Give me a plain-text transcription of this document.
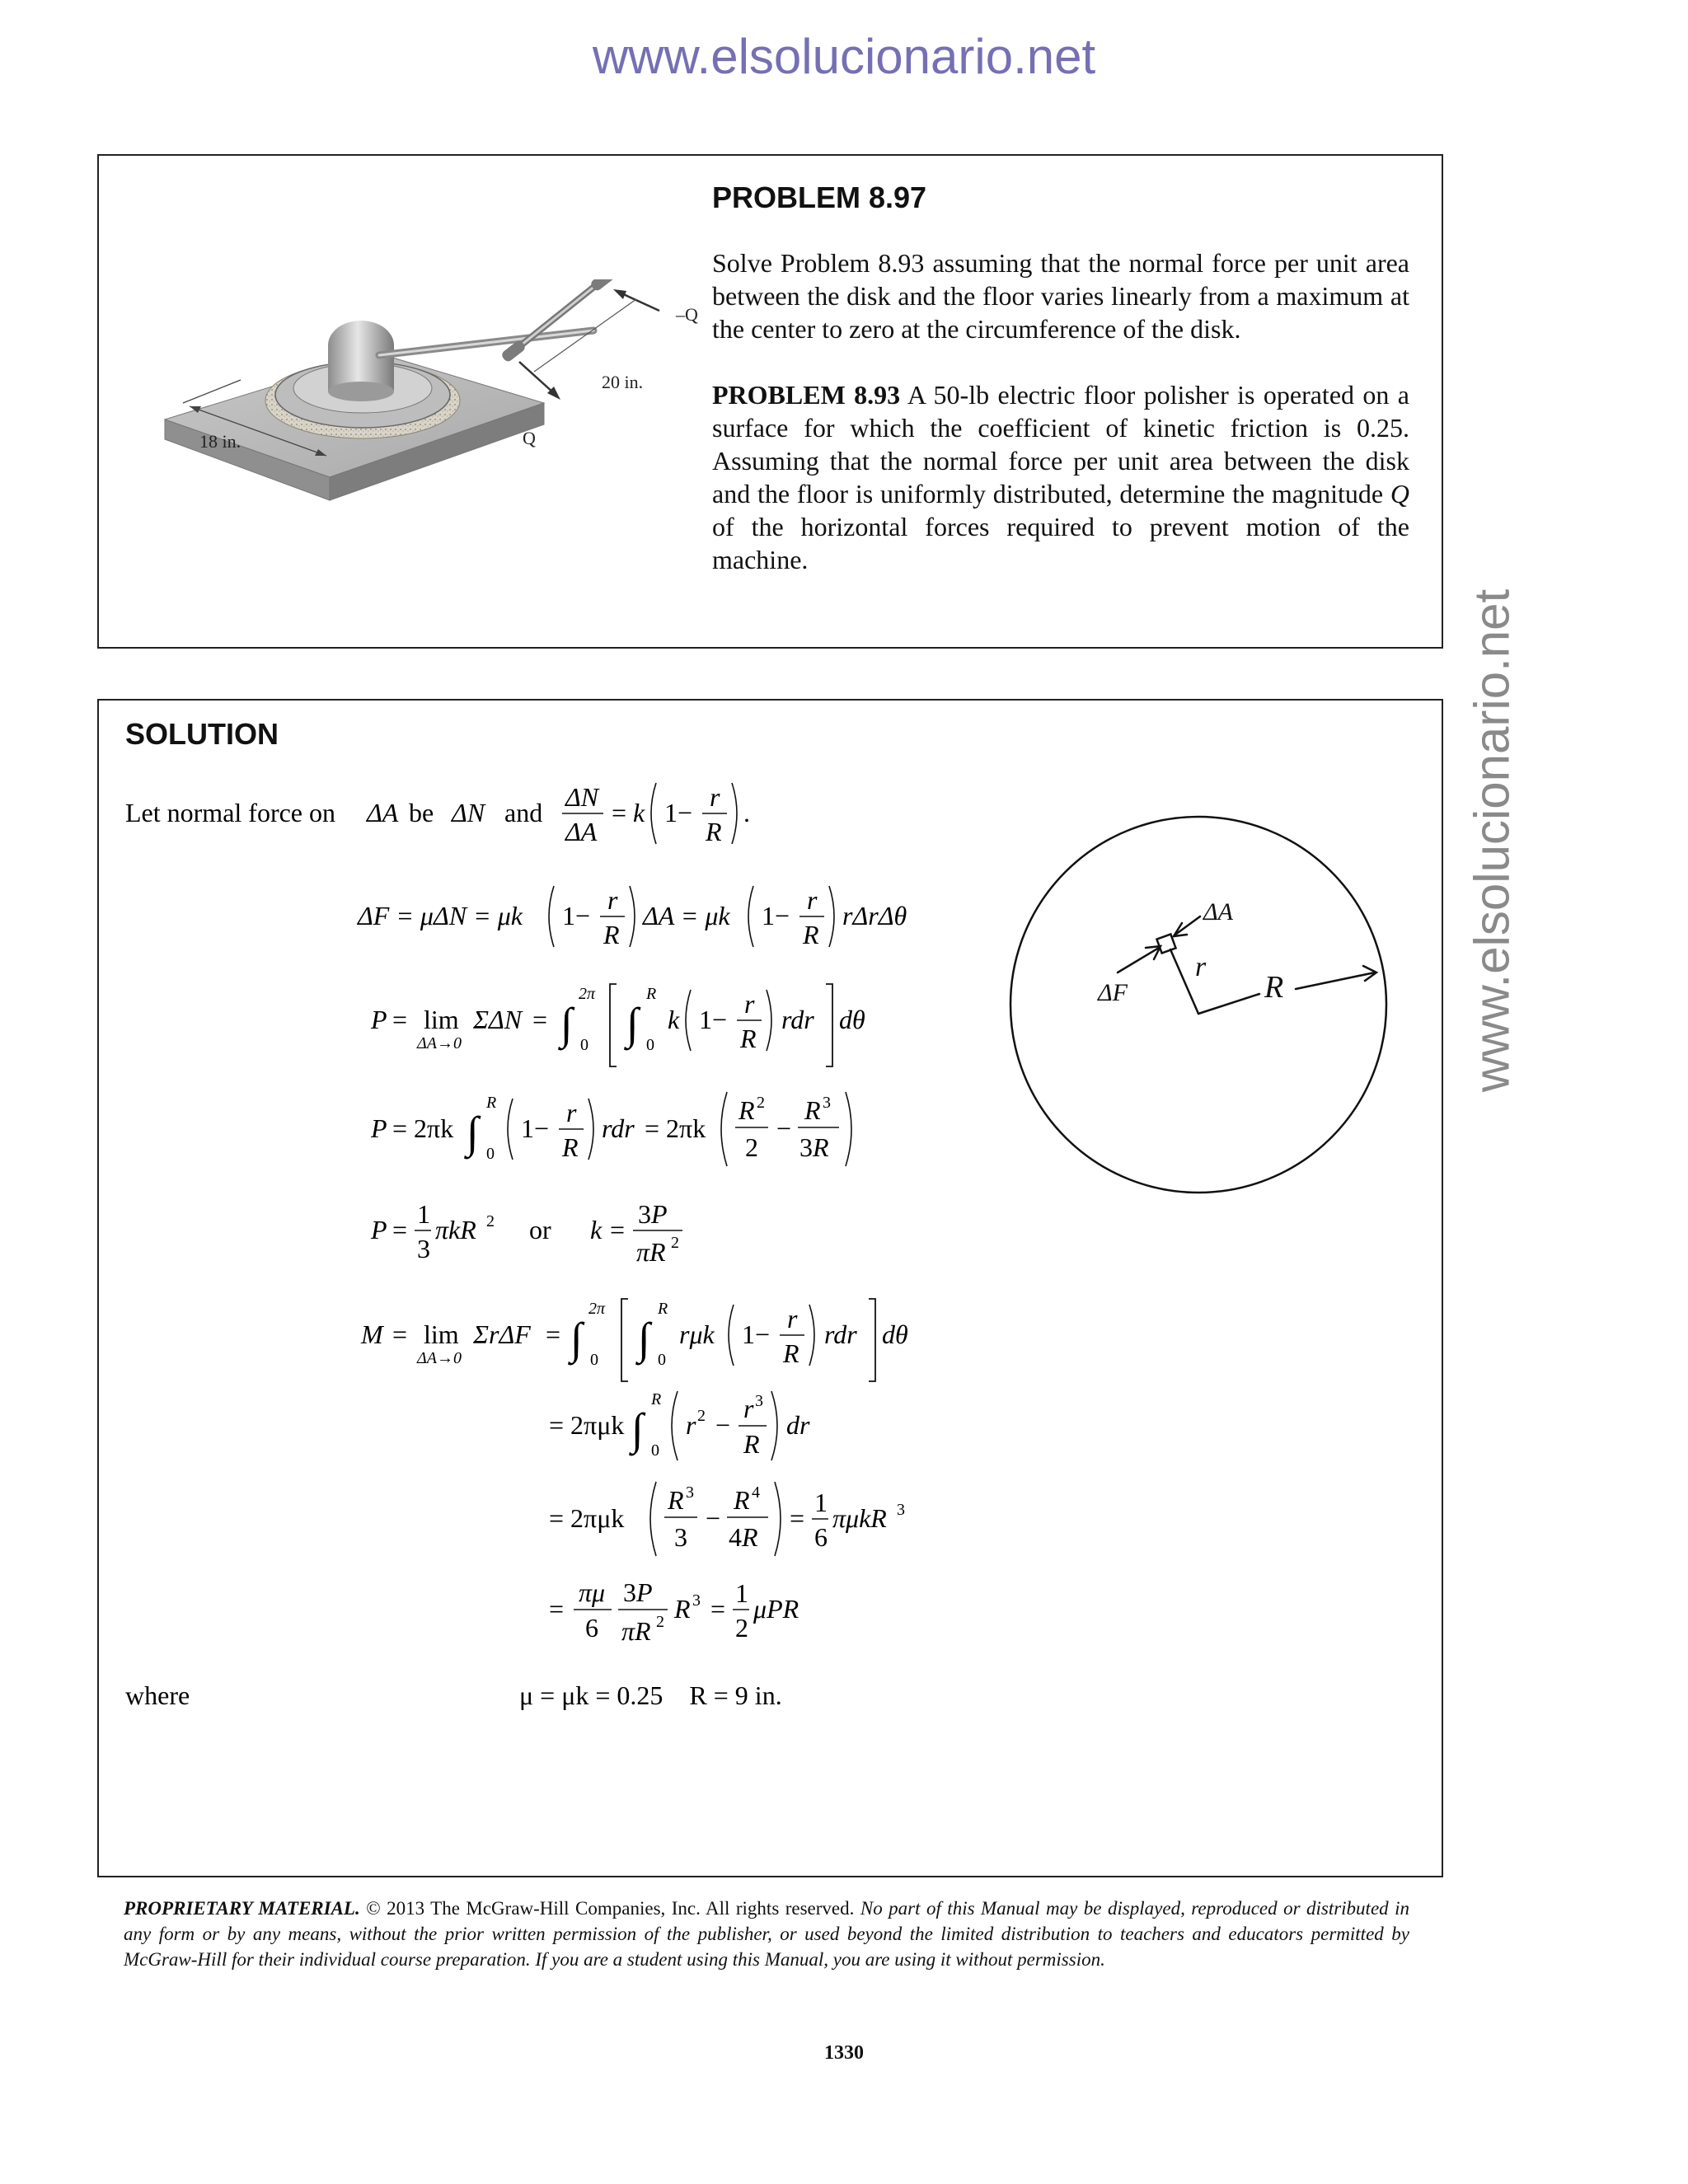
www.elsolucionario.net
www.elsolucionario.net
18 in.
20 in.
Q
–Q
PROBLEM 8.97

Solve Problem 8.93 assuming that the normal force per unit area between the disk and the floor varies linearly from a maximum at the center to zero at the circumference of the disk.

PROBLEM 8.93 A 50-lb electric floor polisher is operated on a surface for which the coefficient of kinetic friction is 0.25. Assuming that the normal force per unit area between the disk and the floor is uniformly distributed, determine the magnitude Q of the horizontal forces required to prevent motion of the machine.

SOLUTION
Let normal force on ΔA be ΔN and
ΔN
ΔA
= k 1−
r
R
.
ΔF = μΔN = μk 1−
r
R
ΔA = μk 1−
r
R
rΔrΔθ
P = lim
ΔA→0
ΣΔN = ∫
2π
0 ∫
R
0
k 1−
r
R
rdr dθ
P = 2πk ∫
R
0
1−
r
R
rdr = 2πk
R 2
2
−
R 3
3R
P =
1
3
πkR 2 or k =
3P
πR 2
M = lim
ΔA→0
ΣrΔF = ∫
2π
0 ∫
R
0
rμk 1−
r
R
rdr dθ
= 2πμk ∫
R
0
r 2 −
r 3
R
dr
= 2πμk
R 3
3
−
R 4
4R
=
1
6
πμkR 3
=
πμ
6
3P
πR 2 R 3 =
1
2
μPR
where	μ = μk = 0.25    R = 9 in.
ΔA
ΔF
r
R
PROPRIETARY MATERIAL. © 2013 The McGraw-Hill Companies, Inc. All rights reserved. No part of this Manual may be displayed, reproduced or distributed in any form or by any means, without the prior written permission of the publisher, or used beyond the limited distribution to teachers and educators permitted by McGraw-Hill for their individual course preparation. If you are a student using this Manual, you are using it without permission.
1330
